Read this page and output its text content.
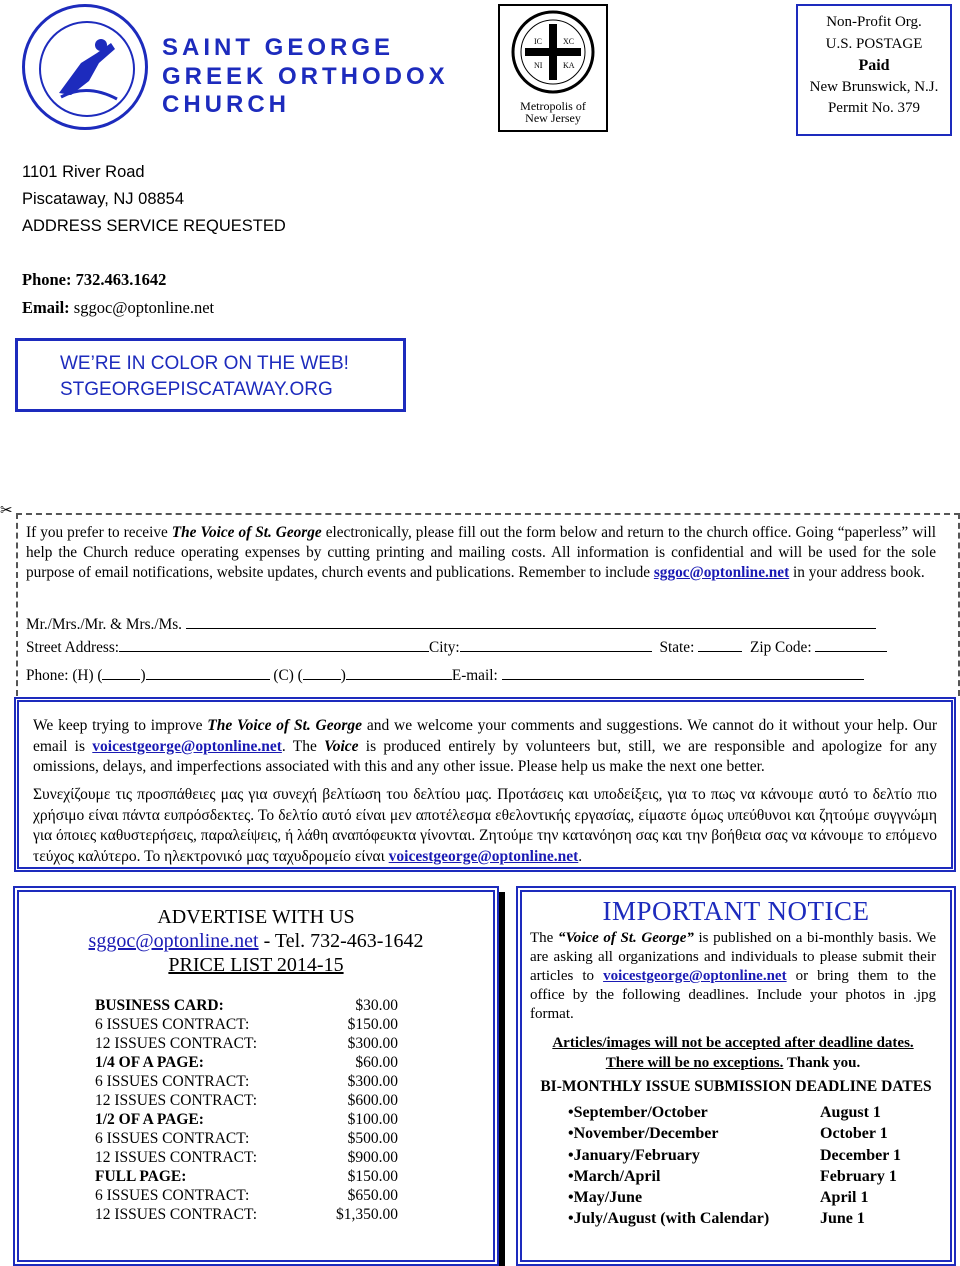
SAINT GEORGE
GREEK ORTHODOX
CHURCH
IC	XC
NI	KA
Metropolis of
New Jersey
Non-Profit Org.
U.S. POSTAGE
Paid
New Brunswick, N.J.
Permit No. 379
1101 River Road
Piscataway, NJ 08854
ADDRESS SERVICE REQUESTED
Phone: 732.463.1642
Email: sggoc@optonline.net
WE’RE IN COLOR ON THE WEB!
STGEORGEPISCATAWAY.ORG
✂
If you prefer to receive The Voice of St. George electronically, please fill out the form below and return to the church office. Going “paperless” will help the Church reduce operating expenses by cutting printing and mailing costs. All information is confidential and will be used for the sole purpose of email notifications, website updates, church events and publications. Remember to include sggoc@optonline.net in your address book.
Mr./Mrs./Mr. & Mrs./Ms.
Street Address:	City:	State:	Zip Code:
Phone: (H) ( )	(C) ( )	E-mail:
We keep trying to improve The Voice of St. George and we welcome your comments and suggestions. We cannot do it without your help. Our email is voicestgeorge@optonline.net. The Voice is produced entirely by volunteers but, still, we are responsible and apologize for any omissions, delays, and imperfections associated with this and any other issue. Please help us make the next one better.
Συνεχίζουμε τις προσπάθειες μας για συνεχή βελτίωση του δελτίου μας. Προτάσεις και υποδείξεις, για το πως να κάνουμε αυτό το δελτίο πιο χρήσιμο είναι πάντα ευπρόσδεκτες. Το δελτίο αυτό είναι μεν αποτέλεσμα εθελοντικής εργασίας, είμαστε όμως υπεύθυνοι και ζητούμε συγγνώμη για όποιες καθυστερήσεις, παραλείψεις, ή λάθη αναπόφευκτα γίνονται. Ζητούμε την κατανόηση σας και την βοήθεια σας να κάνουμε το επόμενο τεύχος καλύτερο. Το ηλεκτρονικό μας ταχυδρομείο είναι voicestgeorge@optonline.net.
ADVERTISE WITH US
sggoc@optonline.net - Tel. 732-463-1642
PRICE LIST 2014-15
BUSINESS CARD:	$30.00
6 ISSUES CONTRACT:	$150.00
12 ISSUES CONTRACT:	$300.00
1/4 OF A PAGE:	$60.00
6 ISSUES CONTRACT:	$300.00
12 ISSUES CONTRACT:	$600.00
1/2 OF A PAGE:	$100.00
6 ISSUES CONTRACT:	$500.00
12 ISSUES CONTRACT:	$900.00
FULL PAGE:	$150.00
6 ISSUES CONTRACT:	$650.00
12 ISSUES CONTRACT:	$1,350.00
IMPORTANT NOTICE
The “Voice of St. George” is published on a bi-monthly basis. We are asking all organizations and individuals to please submit their articles to voicestgeorge@optonline.net or bring them to the office by the following deadlines. Include your photos in .jpg format.
Articles/images will not be accepted after deadline dates.
There will be no exceptions. Thank you.
BI-MONTHLY ISSUE SUBMISSION DEADLINE DATES
•September/October	August 1
•November/December	October 1
•January/February	December 1
•March/April	February 1
•May/June	April 1
•July/August (with Calendar)	June 1
